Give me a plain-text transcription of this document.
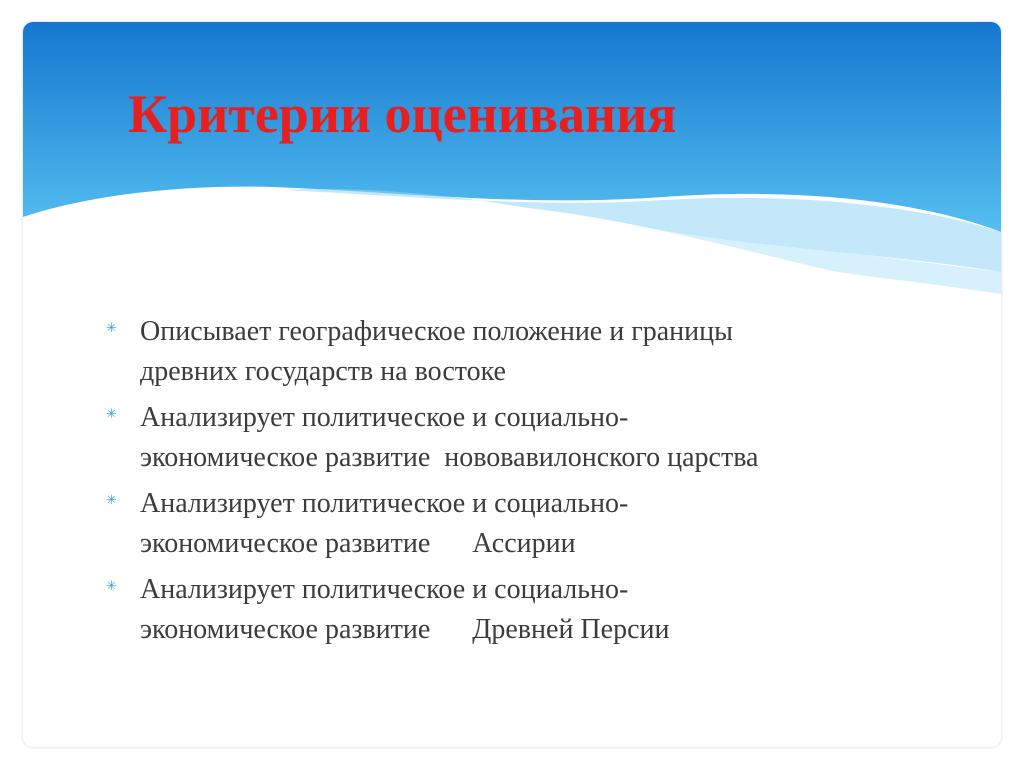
Критерии оценивания
✳ Описывает географическое положение и границы
древних государств на востоке
✳ Анализирует политическое и социально-
экономическое развитие  нововавилонского царства
✳ Анализирует политическое и социально-
экономическое развитие      Ассирии
✳ Анализирует политическое и социально-
экономическое развитие      Древней Персии
